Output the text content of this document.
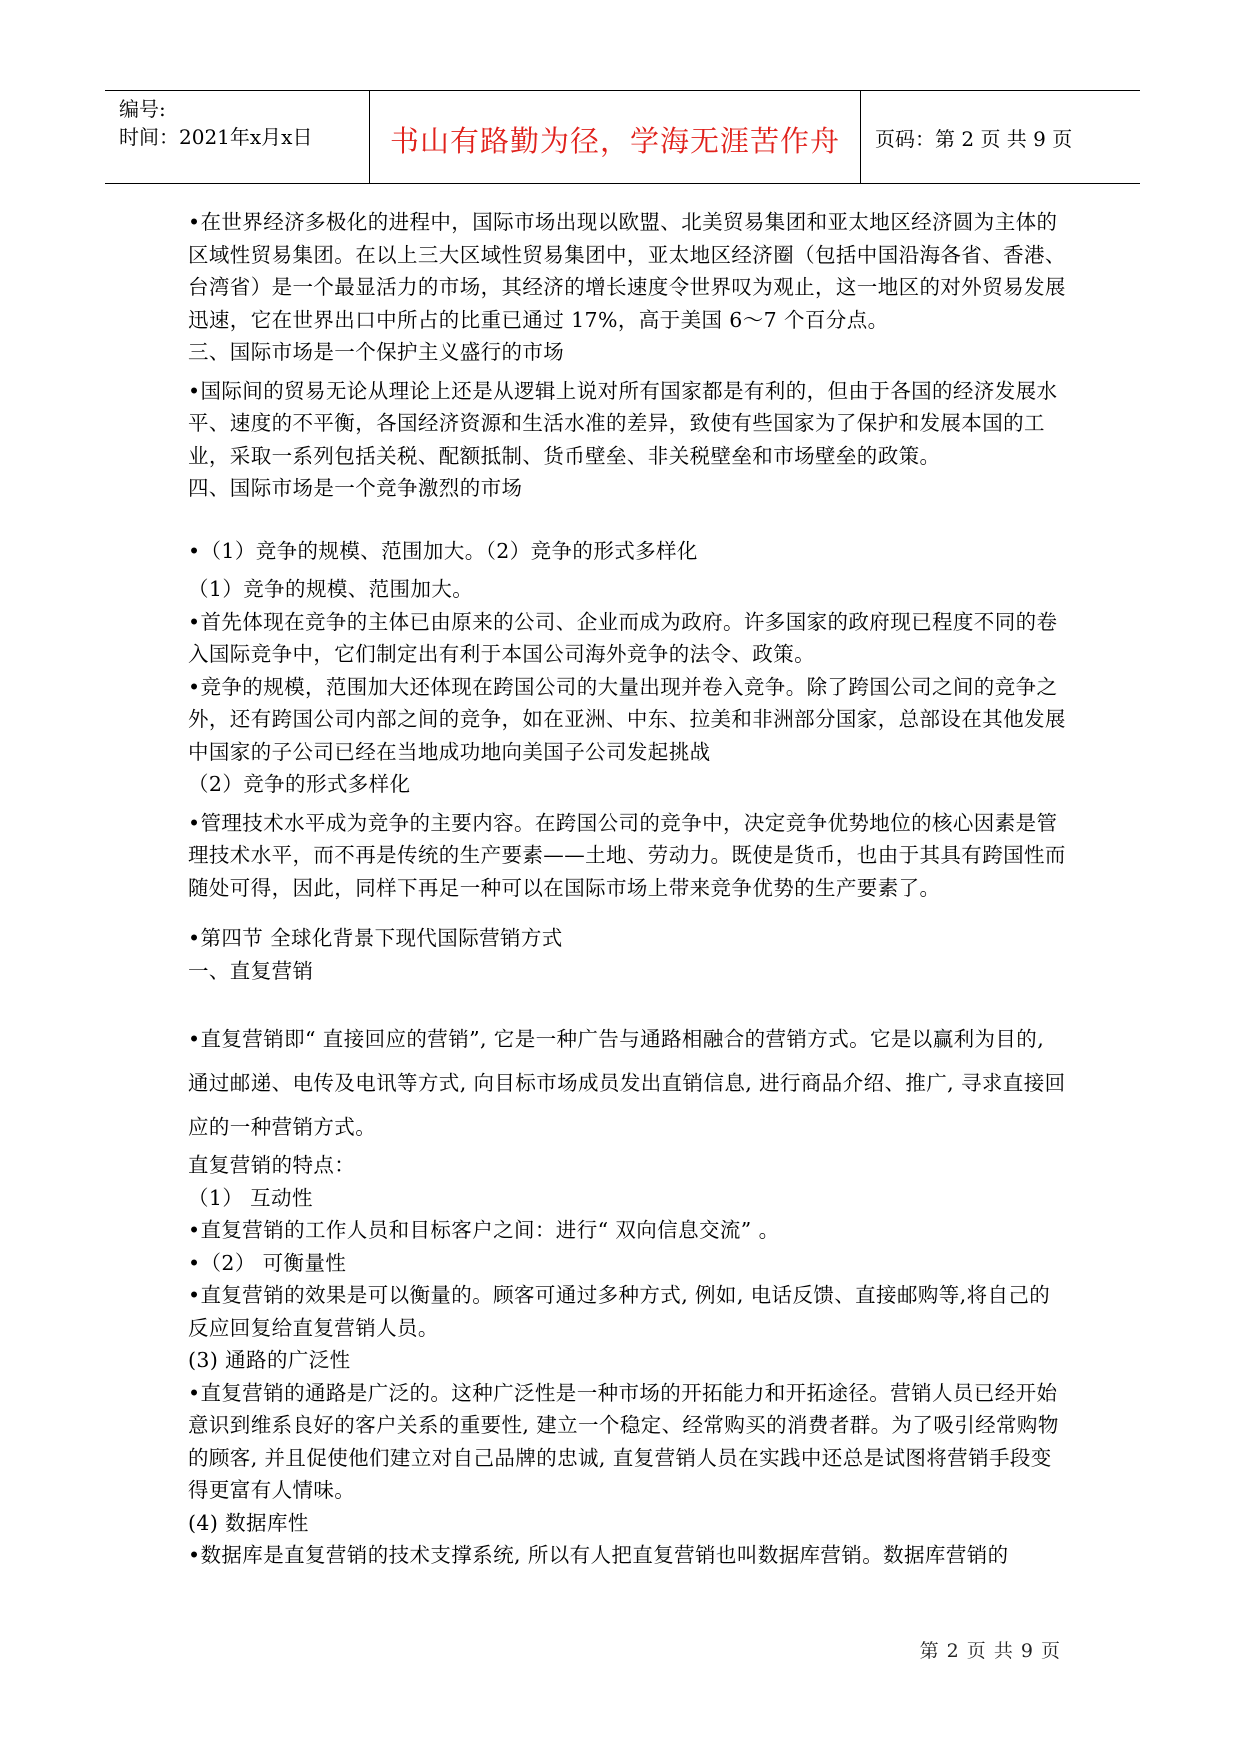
编号:
时间：2021年x月x日	书山有路勤为径，学海无涯苦作舟	页码：第 2 页 共 9 页

•在世界经济多极化的进程中，国际市场出现以欧盟、北美贸易集团和亚太地区经济圆为主体的区域性贸易集团。在以上三大区域性贸易集团中，亚太地区经济圈（包括中国沿海各省、香港、台湾省）是一个最显活力的市场，其经济的增长速度令世界叹为观止，这一地区的对外贸易发展迅速，它在世界出口中所占的比重已通过 17%，高于美国 6～7 个百分点。

三、国际市场是一个保护主义盛行的市场

•国际间的贸易无论从理论上还是从逻辑上说对所有国家都是有利的，但由于各国的经济发展水平、速度的不平衡，各国经济资源和生活水准的差异，致使有些国家为了保护和发展本国的工业，采取一系列包括关税、配额抵制、货币壁垒、非关税壁垒和市场壁垒的政策。

四、国际市场是一个竞争激烈的市场

•（1）竞争的规模、范围加大。（2）竞争的形式多样化

（1）竞争的规模、范围加大。

•首先体现在竞争的主体已由原来的公司、企业而成为政府。许多国家的政府现已程度不同的卷入国际竞争中，它们制定出有利于本国公司海外竞争的法令、政策。

•竞争的规模，范围加大还体现在跨国公司的大量出现并卷入竞争。除了跨国公司之间的竞争之外，还有跨国公司内部之间的竞争，如在亚洲、中东、拉美和非洲部分国家，总部设在其他发展中国家的子公司已经在当地成功地向美国子公司发起挑战

（2）竞争的形式多样化

•管理技术水平成为竞争的主要内容。在跨国公司的竞争中，决定竞争优势地位的核心因素是管理技术水平，而不再是传统的生产要素——土地、劳动力。既使是货币，也由于其具有跨国性而随处可得，因此，同样下再足一种可以在国际市场上带来竞争优势的生产要素了。

•第四节 全球化背景下现代国际营销方式

一、直复营销

•直复营销即“ 直接回应的营销”, 它是一种广告与通路相融合的营销方式。它是以赢利为目的, 通过邮递、电传及电讯等方式, 向目标市场成员发出直销信息, 进行商品介绍、推广, 寻求直接回应的一种营销方式。

直复营销的特点：

（1） 互动性

•直复营销的工作人员和目标客户之间：进行“ 双向信息交流” 。

•（2） 可衡量性

•直复营销的效果是可以衡量的。顾客可通过多种方式, 例如, 电话反馈、直接邮购等,将自己的反应回复给直复营销人员。

(3) 通路的广泛性

•直复营销的通路是广泛的。这种广泛性是一种市场的开拓能力和开拓途径。营销人员已经开始意识到维系良好的客户关系的重要性, 建立一个稳定、经常购买的消费者群。为了吸引经常购物的顾客, 并且促使他们建立对自己品牌的忠诚, 直复营销人员在实践中还总是试图将营销手段变得更富有人情味。

(4) 数据库性

•数据库是直复营销的技术支撑系统, 所以有人把直复营销也叫数据库营销。数据库营销的

第 2 页 共 9 页
